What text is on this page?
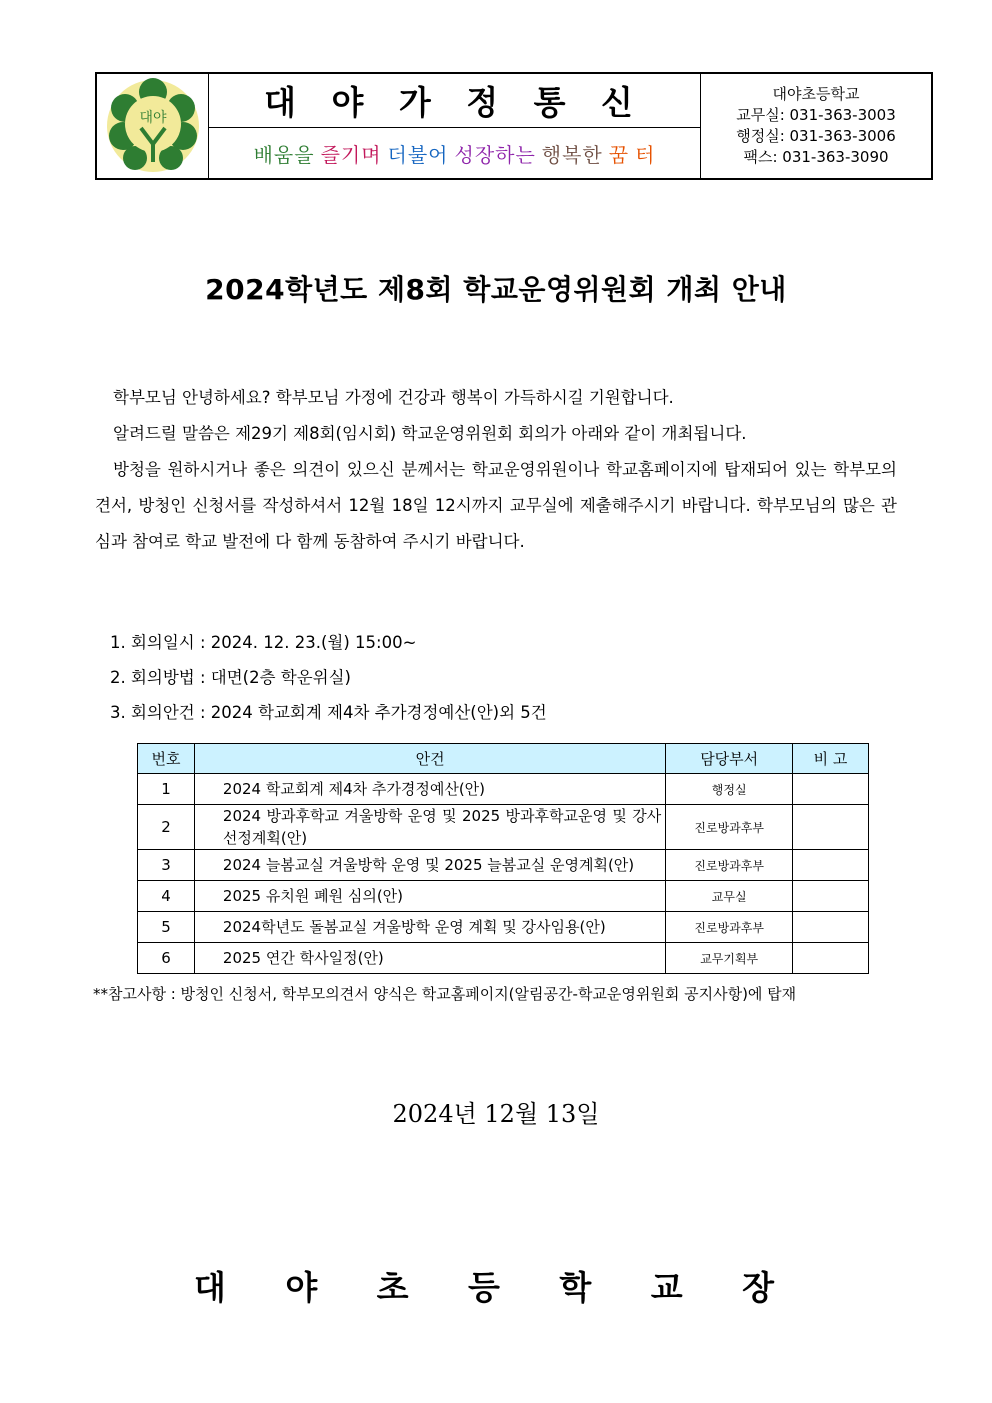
대야	대 야 가 정 통 신
배움을 즐기며 더불어 성장하는 행복한 꿈 터
대야초등학교
교무실: 031-363-3003
행정실: 031-363-3006
팩스: 031-363-3090
2024학년도 제8회 학교운영위원회 개최 안내

학부모님 안녕하세요? 학부모님 가정에 건강과 행복이 가득하시길 기원합니다.

알려드릴 말씀은 제29기 제8회(임시회) 학교운영위원회 회의가 아래와 같이 개최됩니다.

방청을 원하시거나 좋은 의견이 있으신 분께서는 학교운영위원이나 학교홈페이지에 탑재되어 있는 학부모의견서, 방청인 신청서를 작성하셔서 12월 18일 12시까지 교무실에 제출해주시기 바랍니다. 학부모님의 많은 관심과 참여로 학교 발전에 다 함께 동참하여 주시기 바랍니다.

1. 회의일시 : 2024. 12. 23.(월) 15:00~
2. 회의방법 : 대면(2층 학운위실)
3. 회의안건 : 2024 학교회계 제4차 추가경정예산(안)외 5건
번호	안건	담당부서	비 고
1	2024 학교회계 제4차 추가경정예산(안)	행정실	
2	2024 방과후학교 겨울방학 운영 및 2025 방과후학교운영 및 강사선정계획(안)	진로방과후부	
3	2024 늘봄교실 겨울방학 운영 및 2025 늘봄교실 운영계획(안)	진로방과후부	
4	2025 유치원 폐원 심의(안)	교무실	
5	2024학년도 돌봄교실 겨울방학 운영 계획 및 강사임용(안)	진로방과후부	
6	2025 연간 학사일정(안)	교무기획부	
**참고사항 : 방청인 신청서, 학부모의견서 양식은 학교홈페이지(알림공간-학교운영위원회 공지사항)에 탑재
2024년 12월 13일
대 야 초 등 학 교 장
